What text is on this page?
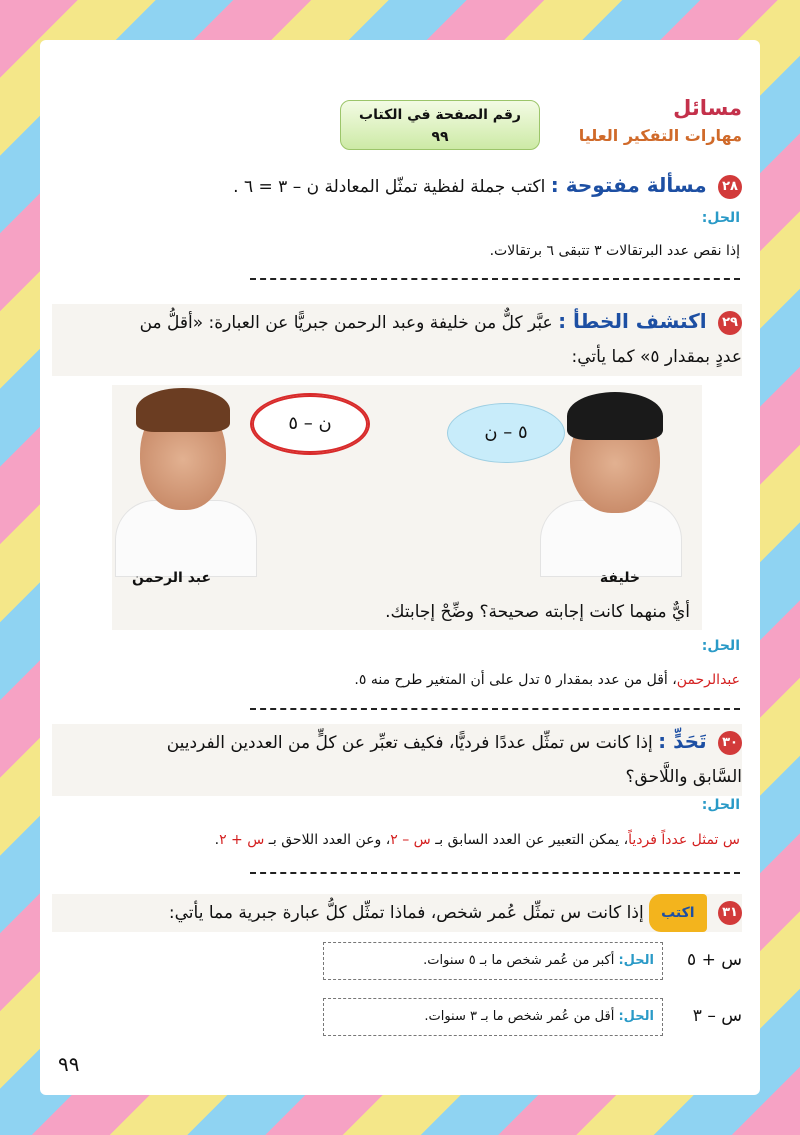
مسائل
مهارات التفكير العليا
رقم الصفحة في الكتاب
٩٩
٢٨ مسألة مفتوحة : اكتب جملة لفظية تمثّل المعادلة ن – ٣ = ٦ .
الحل:
إذا نقص عدد البرتقالات ٣ تتبقى ٦ برتقالات.
٢٩ اكتشف الخطأ : عبَّر كلٌّ من خليفة وعبد الرحمن جبريًّا عن العبارة: «أقلُّ من
عددٍ بمقدار ٥» كما يأتي:
٥ – ن
خليفة
ن – ٥
عبد الرحمن
أيٌّ منهما كانت إجابته صحيحة؟ وضِّحْ إجابتك.
الحل:
عبدالرحمن، أقل من عدد بمقدار ٥ تدل على أن المتغير طرح منه ٥.
٣٠ تَحَدٍّ : إذا كانت س تمثِّل عددًا فرديًّا، فكيف تعبِّر عن كلٍّ من العددين الفرديين
السَّابق واللَّاحق؟
الحل:
س تمثل عدداً فردياً، يمكن التعبير عن العدد السابق بـ س – ٢، وعن العدد اللاحق بـ س + ٢.
٣١ اكتب إذا كانت س تمثِّل عُمر شخص، فماذا تمثِّل كلُّ عبارة جبرية مما يأتي:
س + ٥
الحل: أكبر من عُمر شخص ما بـ ٥ سنوات.
س – ٣
الحل: أقل من عُمر شخص ما بـ ٣ سنوات.
٩٩
